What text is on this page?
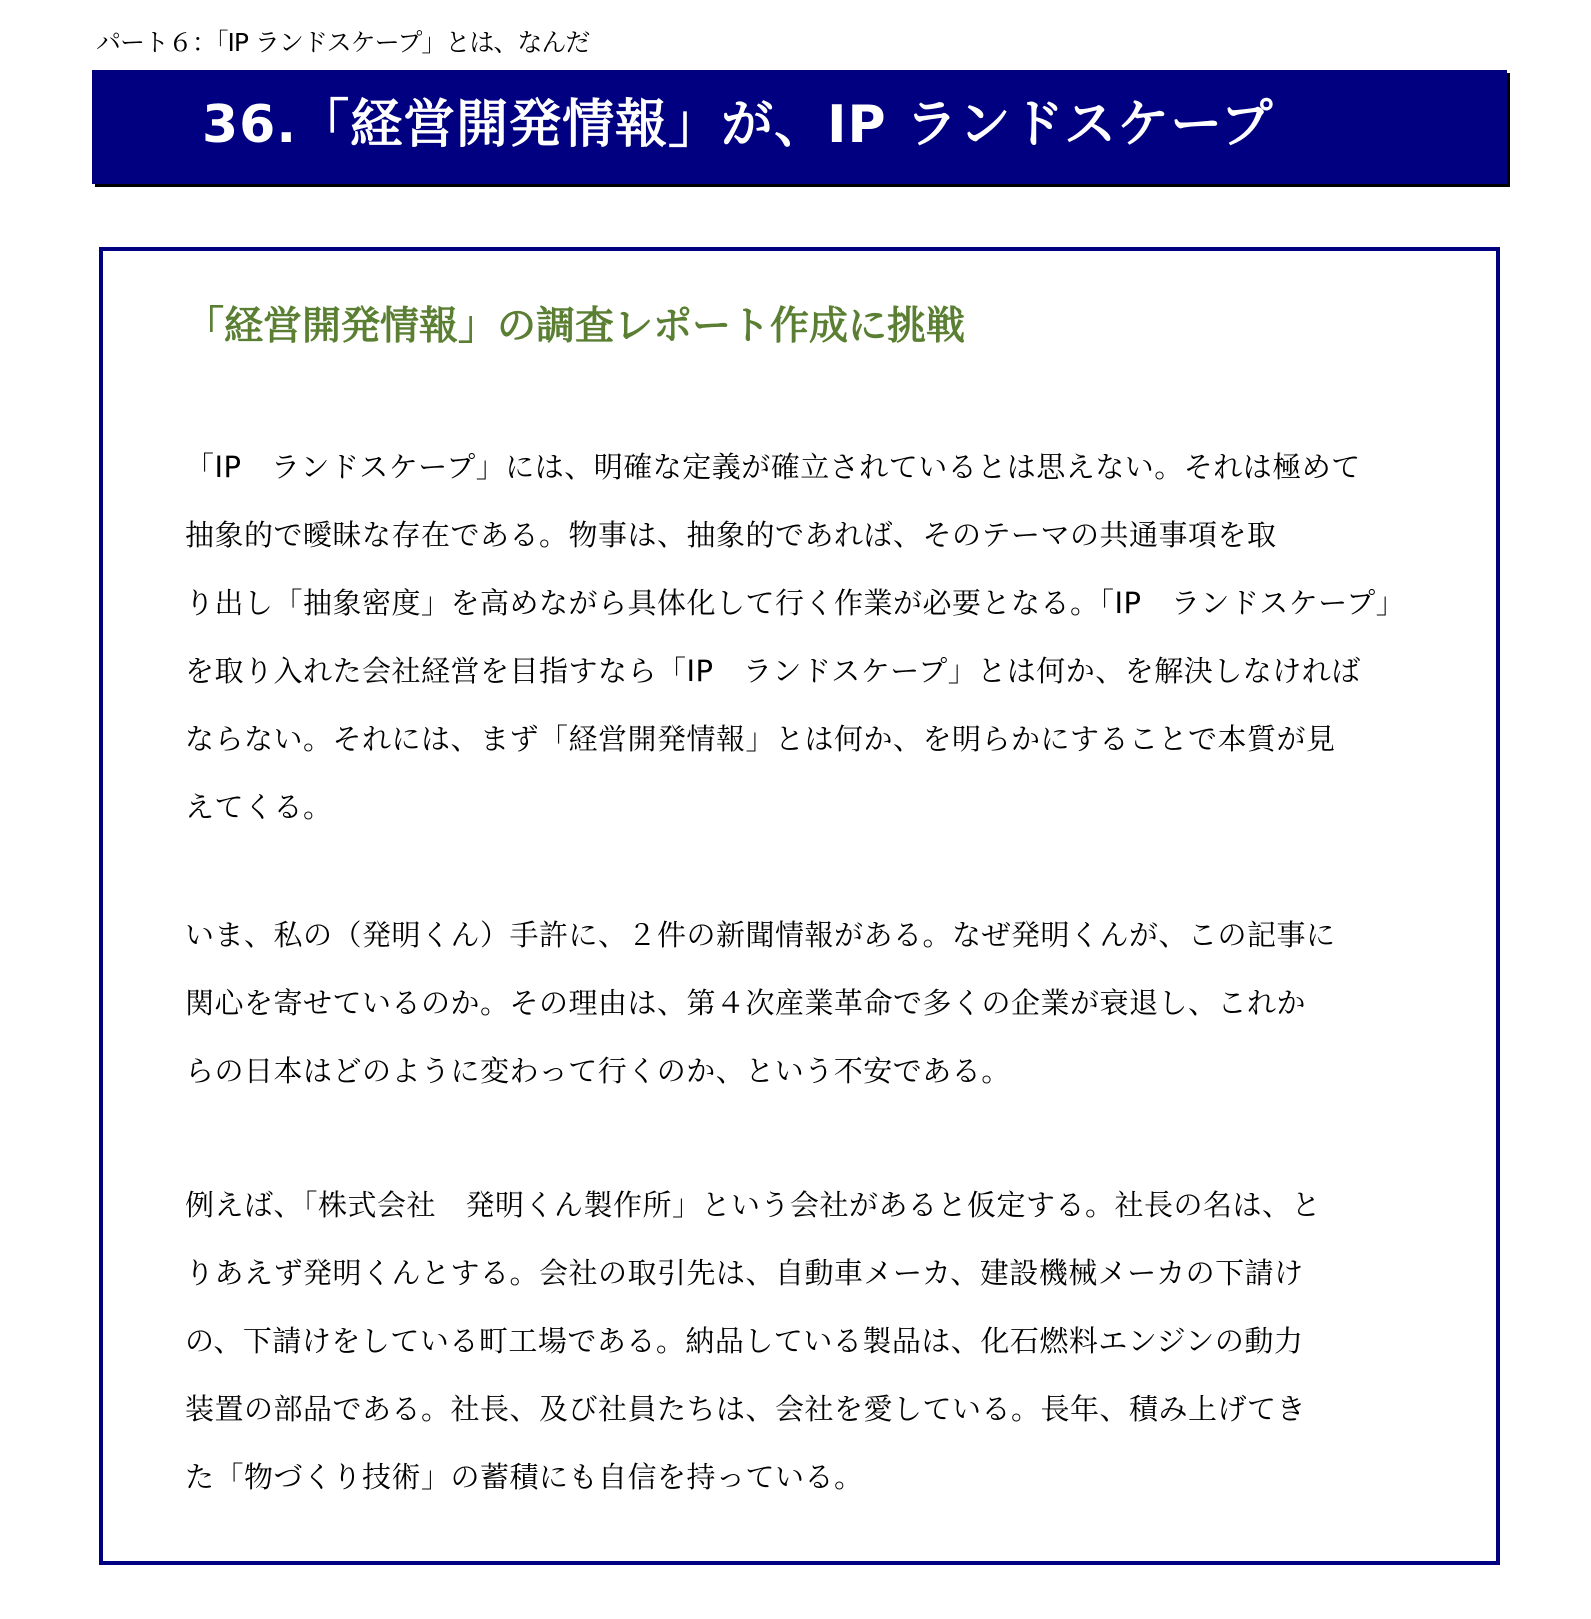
パート６：「IP ランドスケープ」とは、なんだ
36.「経営開発情報」が、IP ランドスケープ
「経営開発情報」の調査レポート作成に挑戦
「IP　ランドスケープ」には、明確な定義が確立されているとは思えない。それは極めて
抽象的で曖昧な存在である。物事は、抽象的であれば、そのテーマの共通事項を取
り出し「抽象密度」を高めながら具体化して行く作業が必要となる。「IP　ランドスケープ」
を取り入れた会社経営を目指すなら「IP　ランドスケープ」とは何か、を解決しなければ
ならない。それには、まず「経営開発情報」とは何か、を明らかにすることで本質が見
えてくる。
いま、私の（発明くん）手許に、２件の新聞情報がある。なぜ発明くんが、この記事に
関心を寄せているのか。その理由は、第４次産業革命で多くの企業が衰退し、これか
らの日本はどのように変わって行くのか、という不安である。
例えば、「株式会社　発明くん製作所」という会社があると仮定する。社長の名は、と
りあえず発明くんとする。会社の取引先は、自動車メーカ、建設機械メーカの下請け
の、下請けをしている町工場である。納品している製品は、化石燃料エンジンの動力
装置の部品である。社長、及び社員たちは、会社を愛している。長年、積み上げてき
た「物づくり技術」の蓄積にも自信を持っている。
